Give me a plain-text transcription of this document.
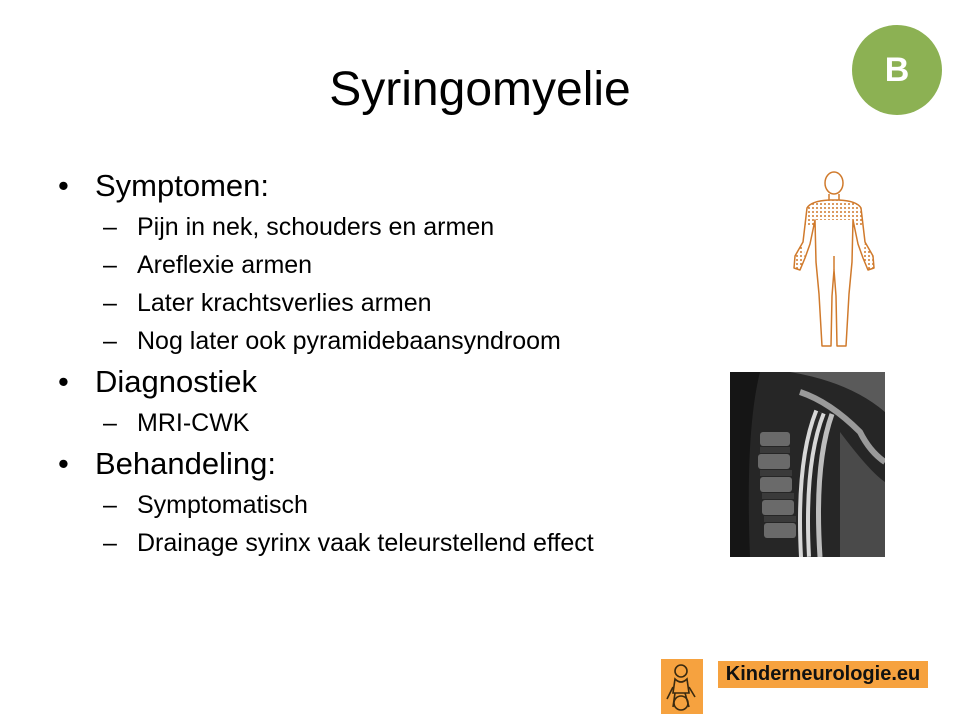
Syringomyelie	B
• Symptomen:
– Pijn in nek, schouders en armen
– Areflexie armen
– Later krachtsverlies armen
– Nog later ook pyramidebaansyndroom
• Diagnostiek
– MRI-CWK
• Behandeling:
– Symptomatisch
– Drainage syrinx vaak teleurstellend effect
Kinderneurologie.eu
